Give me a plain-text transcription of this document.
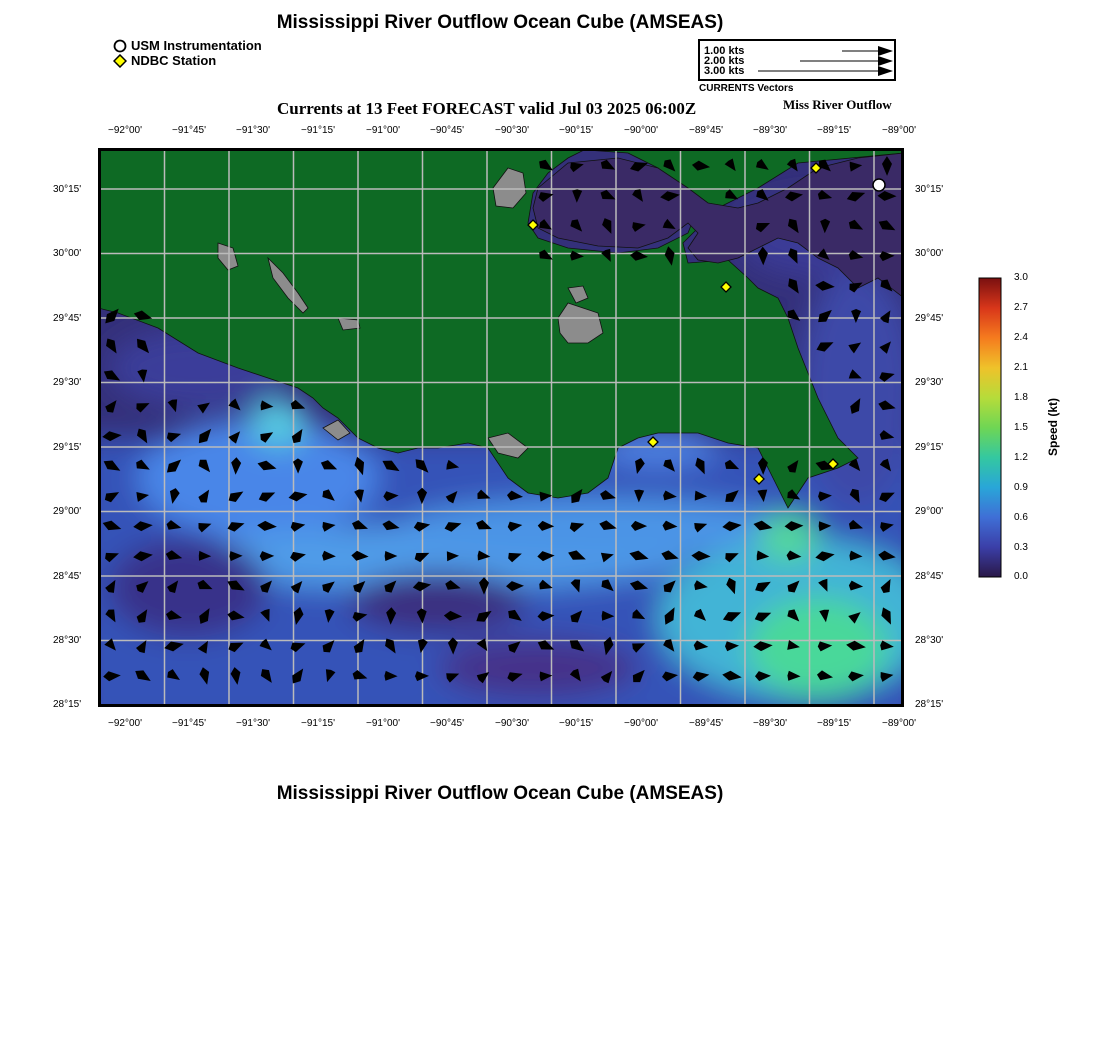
Mississippi River Outflow Ocean Cube (AMSEAS)
USM Instrumentation
NDBC Station
1.00 kts
2.00 kts
3.00 kts
CURRENTS Vectors
Currents at 13 Feet FORECAST valid Jul 03 2025 06:00Z	Miss River Outflow
−92°00'	−91°45'	−91°30'	−91°15'	−91°00'	−90°45'	−90°30'	−90°15'	−90°00'	−89°45'	−89°30'	−89°15'	−89°00'
−92°00'	−91°45'	−91°30'	−91°15'	−91°00'	−90°45'	−90°30'	−90°15'	−90°00'	−89°45'	−89°30'	−89°15'	−89°00'
30°15'
30°00'
29°45'
29°30'
29°15'
29°00'
28°45'
28°30'
28°15'
30°15'
30°00'
29°45'
29°30'
29°15'
29°00'
28°45'
28°30'
28°15'
3.0
2.7
2.4
2.1
1.8
1.5
1.2
0.9
0.6
0.3
0.0
Speed (kt)
Mississippi River Outflow Ocean Cube (AMSEAS)
